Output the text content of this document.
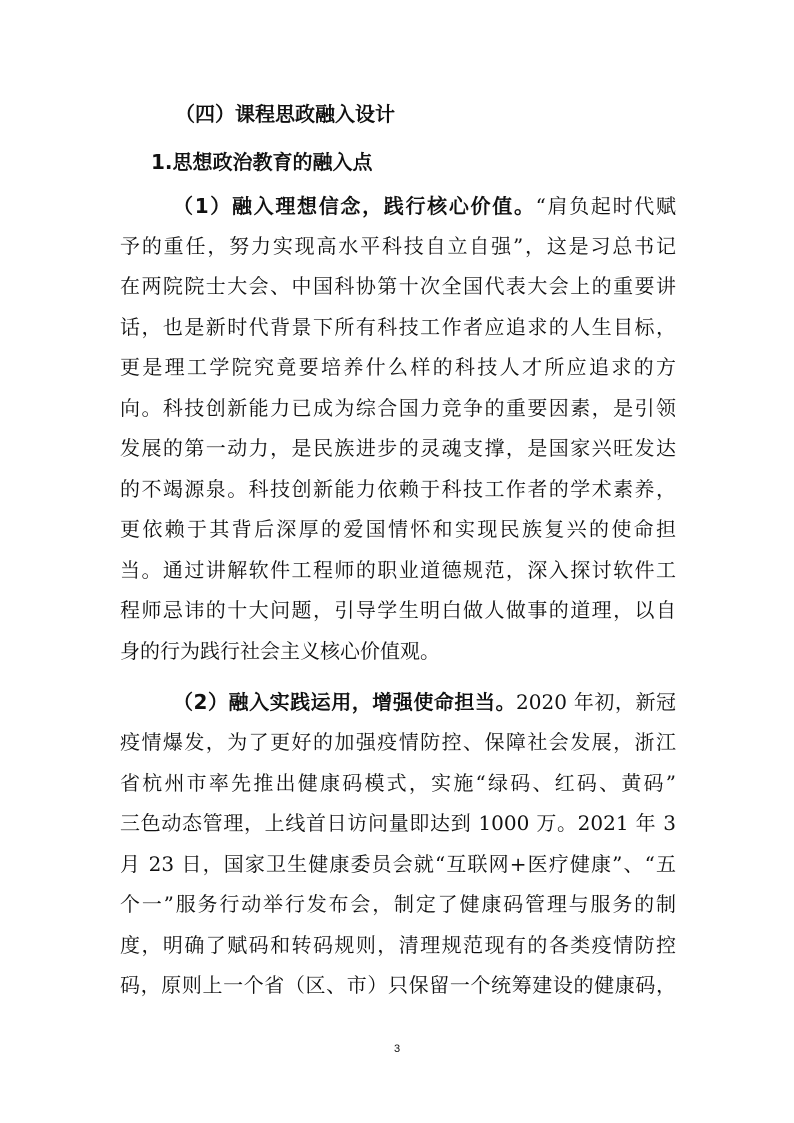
（四）课程思政融入设计
1.思想政治教育的融入点
（1）融入理想信念，践行核心价值。“肩负起时代赋
予的重任，努力实现高水平科技自立自强”，这是习总书记
在两院院士大会、中国科协第十次全国代表大会上的重要讲
话，也是新时代背景下所有科技工作者应追求的人生目标，
更是理工学院究竟要培养什么样的科技人才所应追求的方
向。科技创新能力已成为综合国力竞争的重要因素，是引领
发展的第一动力，是民族进步的灵魂支撑，是国家兴旺发达
的不竭源泉。科技创新能力依赖于科技工作者的学术素养，
更依赖于其背后深厚的爱国情怀和实现民族复兴的使命担
当。通过讲解软件工程师的职业道德规范，深入探讨软件工
程师忌讳的十大问题，引导学生明白做人做事的道理，以自
身的行为践行社会主义核心价值观。
（2）融入实践运用，增强使命担当。2020 年初，新冠
疫情爆发，为了更好的加强疫情防控、保障社会发展，浙江
省杭州市率先推出健康码模式，实施“绿码、红码、黄码”
三色动态管理，上线首日访问量即达到 1000 万。2021 年 3
月 23 日，国家卫生健康委员会就“互联网+医疗健康”、“五
个一”服务行动举行发布会，制定了健康码管理与服务的制
度，明确了赋码和转码规则，清理规范现有的各类疫情防控
码，原则上一个省（区、市）只保留一个统筹建设的健康码，
3
